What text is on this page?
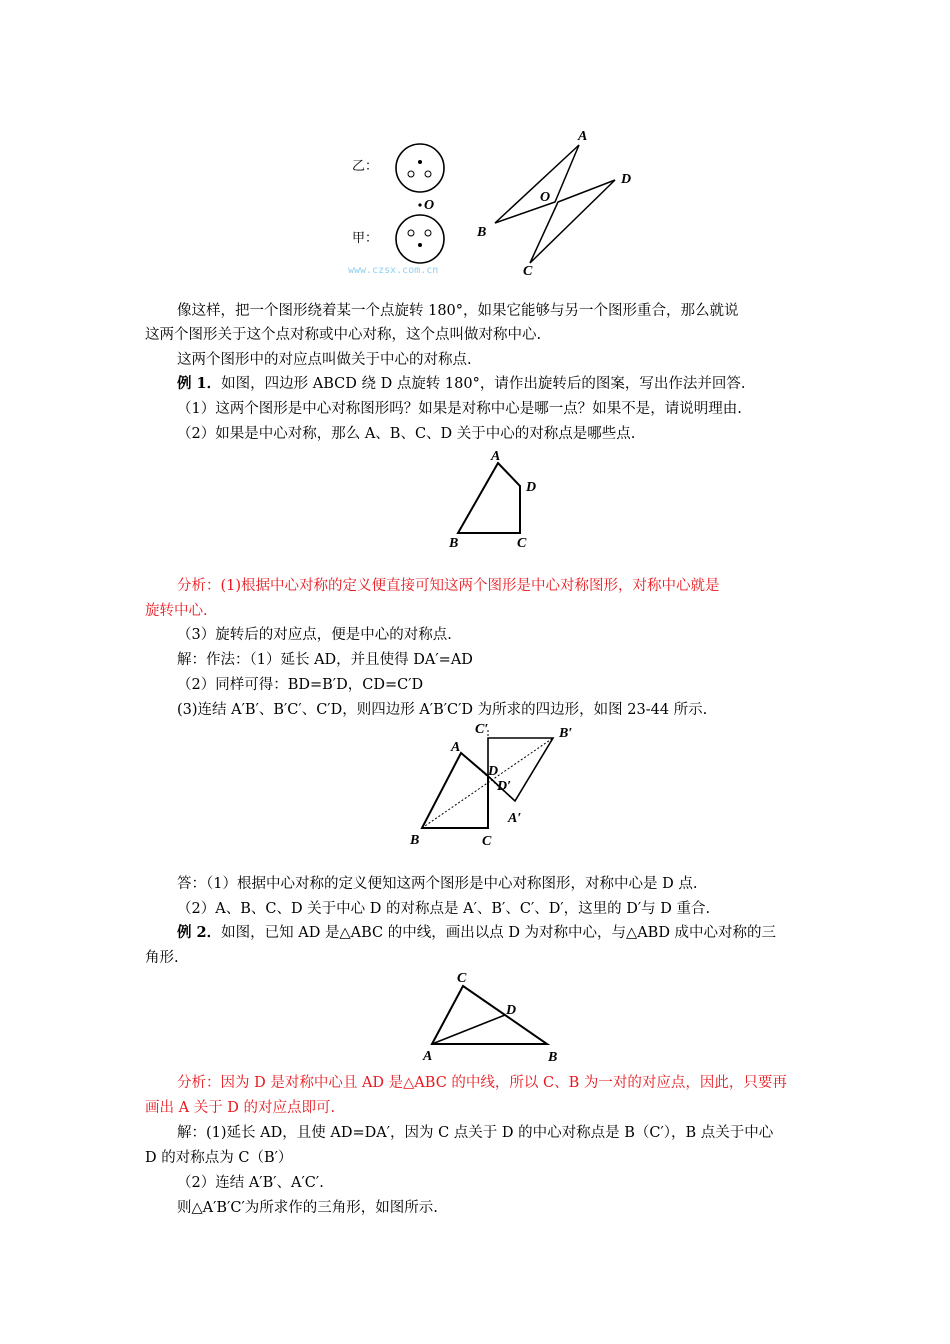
乙：
O
甲：
A
D
O
B
C
www.czsx.com.cn
像这样，把一个图形绕着某一个点旋转 180°，如果它能够与另一个图形重合，那么就说
这两个图形关于这个点对称或中心对称，这个点叫做对称中心.
这两个图形中的对应点叫做关于中心的对称点.
例 1．如图，四边形 ABCD 绕 D 点旋转 180°，请作出旋转后的图案，写出作法并回答.
（1）这两个图形是中心对称图形吗？如果是对称中心是哪一点？如果不是，请说明理由.
（2）如果是中心对称，那么 A、B、C、D 关于中心的对称点是哪些点.
A
D
B	C
分析：(1)根据中心对称的定义便直接可知这两个图形是中心对称图形，对称中心就是
旋转中心.
（3）旋转后的对应点，便是中心的对称点.
解：作法：（1）延长 AD，并且使得 DA′=AD
（2）同样可得：BD=B′D，CD=C′D
(3)连结 A′B′、B′C′、C′D，则四边形 A′B′C′D 为所求的四边形，如图 23-44 所示.
A
D
D′
B	C
C′	B′
A′
答：（1）根据中心对称的定义便知这两个图形是中心对称图形，对称中心是 D 点.
（2）A、B、C、D 关于中心 D 的对称点是 A′、B′、C′、D′，这里的 D′与 D 重合.
例 2．如图，已知 AD 是△ABC 的中线，画出以点 D 为对称中心，与△ABD 成中心对称的三
角形.
C
D
A	B
分析：因为 D 是对称中心且 AD 是△ABC 的中线，所以 C、B 为一对的对应点，因此，只要再
画出 A 关于 D 的对应点即可.
解：(1)延长 AD，且使 AD=DA′，因为 C 点关于 D 的中心对称点是 B（C′），B 点关于中心
D 的对称点为 C（B′）
（2）连结 A′B′、A′C′.
则△A′B′C′为所求作的三角形，如图所示.
